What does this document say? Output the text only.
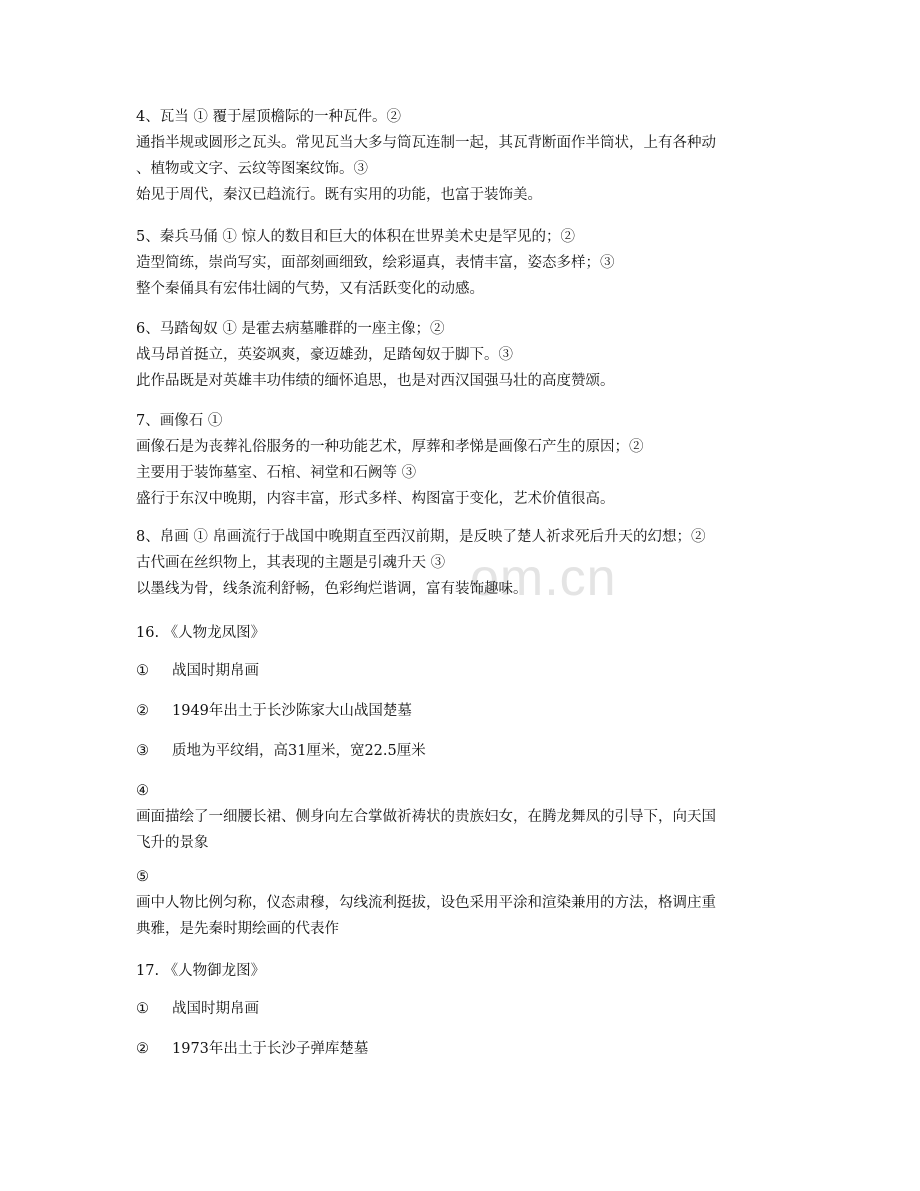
om.cn
4、瓦当 ① 覆于屋顶檐际的一种瓦件。②
通指半规或圆形之瓦头。常见瓦当大多与筒瓦连制一起，其瓦背断面作半筒状，上有各种动
、植物或文字、云纹等图案纹饰。③
始见于周代，秦汉已趋流行。既有实用的功能，也富于装饰美。
5、秦兵马俑 ① 惊人的数目和巨大的体积在世界美术史是罕见的；②
造型简练，崇尚写实，面部刻画细致，绘彩逼真，表情丰富，姿态多样；③
整个秦俑具有宏伟壮阔的气势，又有活跃变化的动感。
6、马踏匈奴 ① 是霍去病墓雕群的一座主像；②
战马昂首挺立，英姿飒爽，豪迈雄劲，足踏匈奴于脚下。③
此作品既是对英雄丰功伟绩的缅怀追思，也是对西汉国强马壮的高度赞颂。
7、画像石 ①
画像石是为丧葬礼俗服务的一种功能艺术，厚葬和孝悌是画像石产生的原因；②
主要用于装饰墓室、石棺、祠堂和石阙等 ③
盛行于东汉中晚期，内容丰富，形式多样、构图富于变化，艺术价值很高。
8、帛画 ① 帛画流行于战国中晚期直至西汉前期，是反映了楚人祈求死后升天的幻想；②
古代画在丝织物上，其表现的主题是引魂升天 ③
以墨线为骨，线条流利舒畅，色彩绚烂谐调，富有装饰趣味。
16. 《人物龙凤图》
① 战国时期帛画
② 1949年出土于长沙陈家大山战国楚墓
③ 质地为平纹绢，高31厘米，宽22.5厘米
④
画面描绘了一细腰长裙、侧身向左合掌做祈祷状的贵族妇女，在腾龙舞凤的引导下，向天国
飞升的景象
⑤
画中人物比例匀称，仪态肃穆，勾线流利挺拔，设色采用平涂和渲染兼用的方法，格调庄重
典雅，是先秦时期绘画的代表作
17. 《人物御龙图》
① 战国时期帛画
② 1973年出土于长沙子弹库楚墓
